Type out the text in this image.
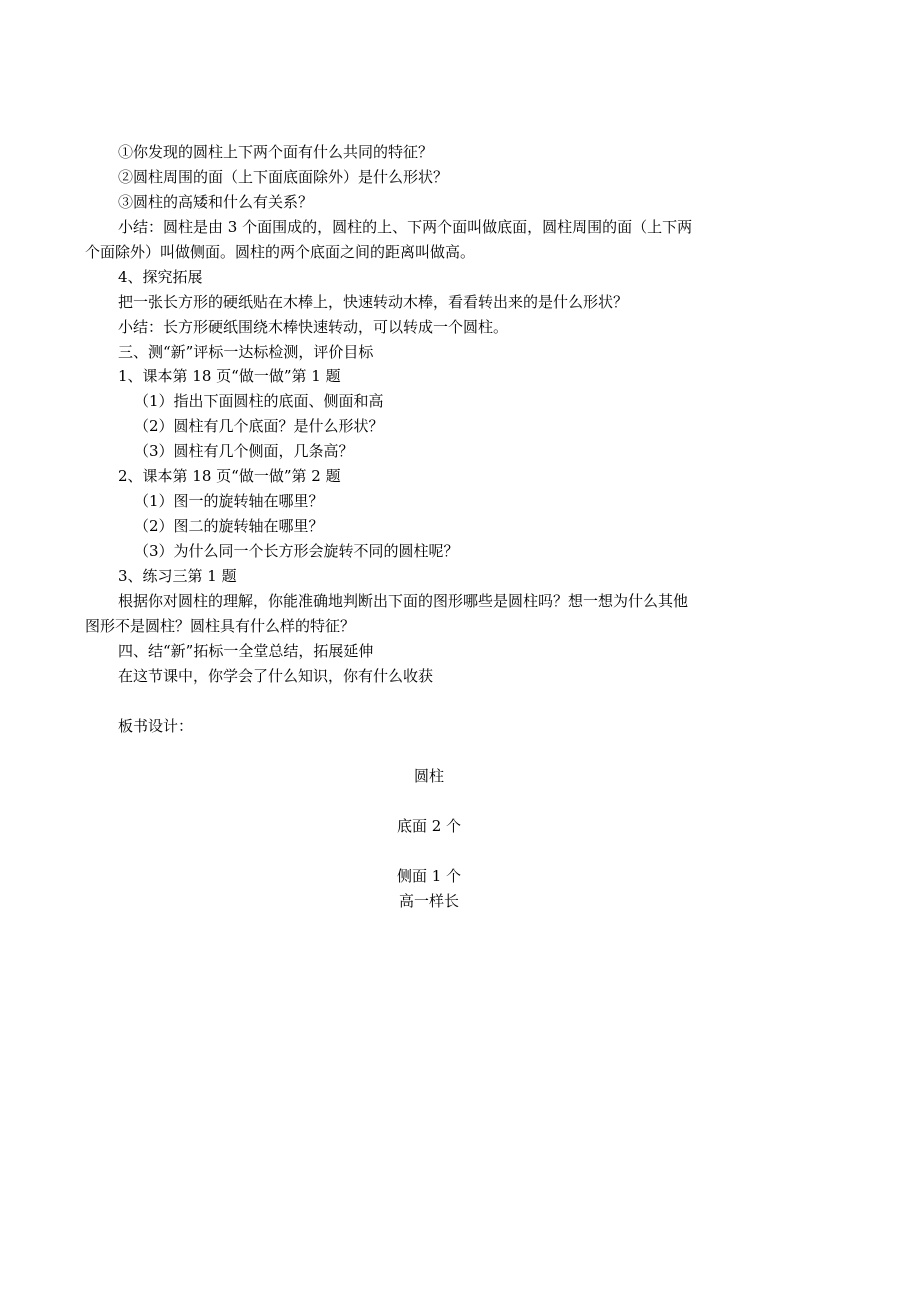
①你发现的圆柱上下两个面有什么共同的特征？
②圆柱周围的面（上下面底面除外）是什么形状？
③圆柱的高矮和什么有关系？
小结：圆柱是由 3 个面围成的，圆柱的上、下两个面叫做底面，圆柱周围的面（上下两
个面除外）叫做侧面。圆柱的两个底面之间的距离叫做高。
4、探究拓展
把一张长方形的硬纸贴在木棒上，快速转动木棒，看看转出来的是什么形状？
小结：长方形硬纸围绕木棒快速转动，可以转成一个圆柱。
三、测“新”评标一达标检测，评价目标
1、课本第 18 页“做一做”第 1 题
（1）指出下面圆柱的底面、侧面和高
（2）圆柱有几个底面？是什么形状？
（3）圆柱有几个侧面，几条高？
2、课本第 18 页“做一做”第 2 题
（1）图一的旋转轴在哪里？
（2）图二的旋转轴在哪里？
（3）为什么同一个长方形会旋转不同的圆柱呢？
3、练习三第 1 题
根据你对圆柱的理解，你能准确地判断出下面的图形哪些是圆柱吗？想一想为什么其他
图形不是圆柱？圆柱具有什么样的特征？
四、结“新”拓标一全堂总结，拓展延伸
在这节课中，你学会了什么知识，你有什么收获
板书设计：
圆柱
底面 2 个
侧面 1 个
高一样长
